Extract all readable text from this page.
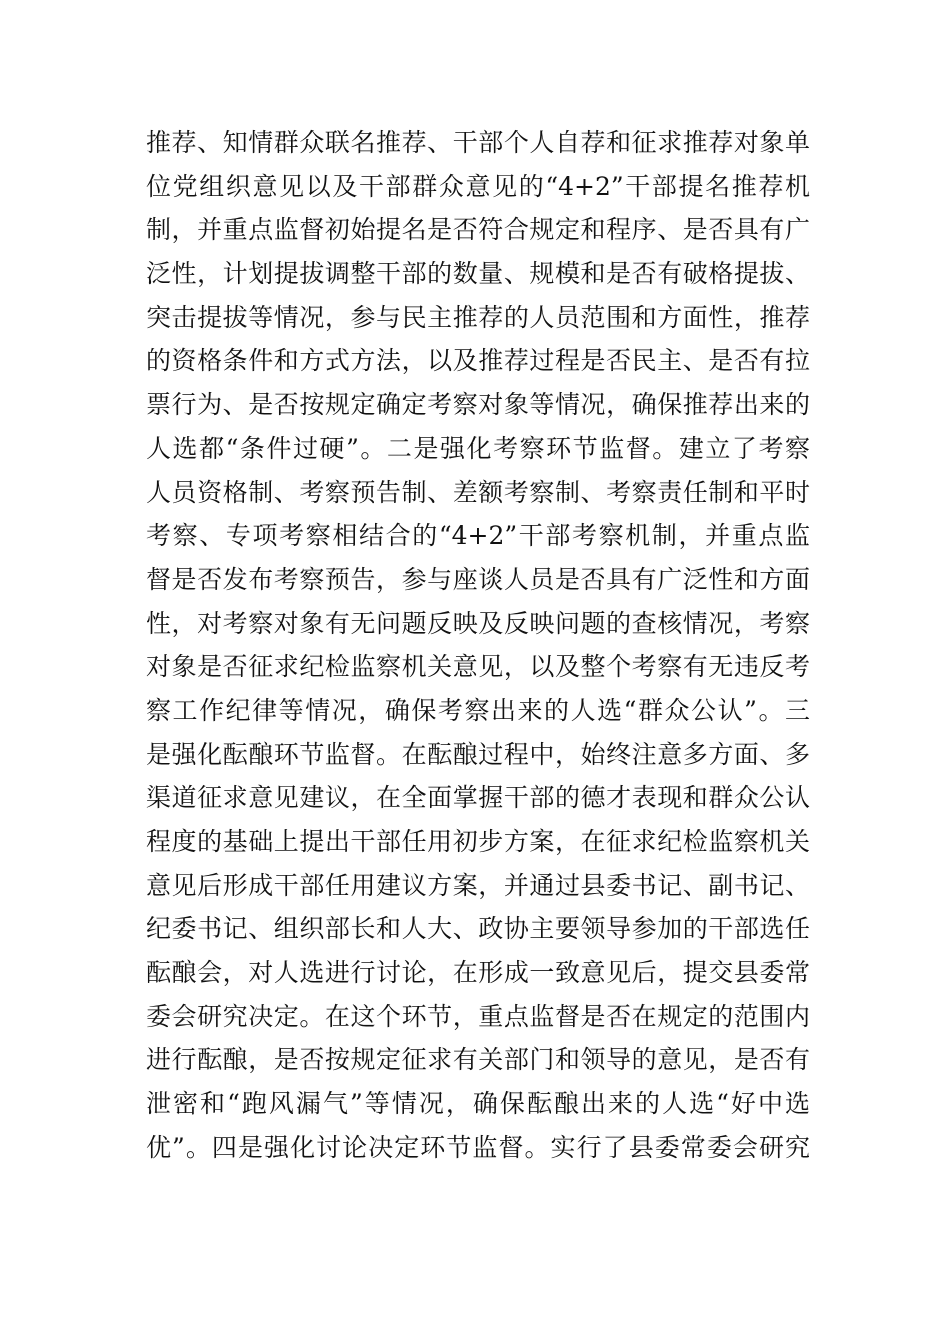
推荐、知情群众联名推荐、干部个人自荐和征求推荐对象单
位党组织意见以及干部群众意见的“4+2”干部提名推荐机
制，并重点监督初始提名是否符合规定和程序、是否具有广
泛性，计划提拔调整干部的数量、规模和是否有破格提拔、
突击提拔等情况，参与民主推荐的人员范围和方面性，推荐
的资格条件和方式方法，以及推荐过程是否民主、是否有拉
票行为、是否按规定确定考察对象等情况，确保推荐出来的
人选都“条件过硬”。二是强化考察环节监督。建立了考察
人员资格制、考察预告制、差额考察制、考察责任制和平时
考察、专项考察相结合的“4+2”干部考察机制，并重点监
督是否发布考察预告，参与座谈人员是否具有广泛性和方面
性，对考察对象有无问题反映及反映问题的查核情况，考察
对象是否征求纪检监察机关意见，以及整个考察有无违反考
察工作纪律等情况，确保考察出来的人选“群众公认”。三
是强化酝酿环节监督。在酝酿过程中，始终注意多方面、多
渠道征求意见建议，在全面掌握干部的德才表现和群众公认
程度的基础上提出干部任用初步方案，在征求纪检监察机关
意见后形成干部任用建议方案，并通过县委书记、副书记、
纪委书记、组织部长和人大、政协主要领导参加的干部选任
酝酿会，对人选进行讨论，在形成一致意见后，提交县委常
委会研究决定。在这个环节，重点监督是否在规定的范围内
进行酝酿，是否按规定征求有关部门和领导的意见，是否有
泄密和“跑风漏气”等情况，确保酝酿出来的人选“好中选
优”。四是强化讨论决定环节监督。实行了县委常委会研究
